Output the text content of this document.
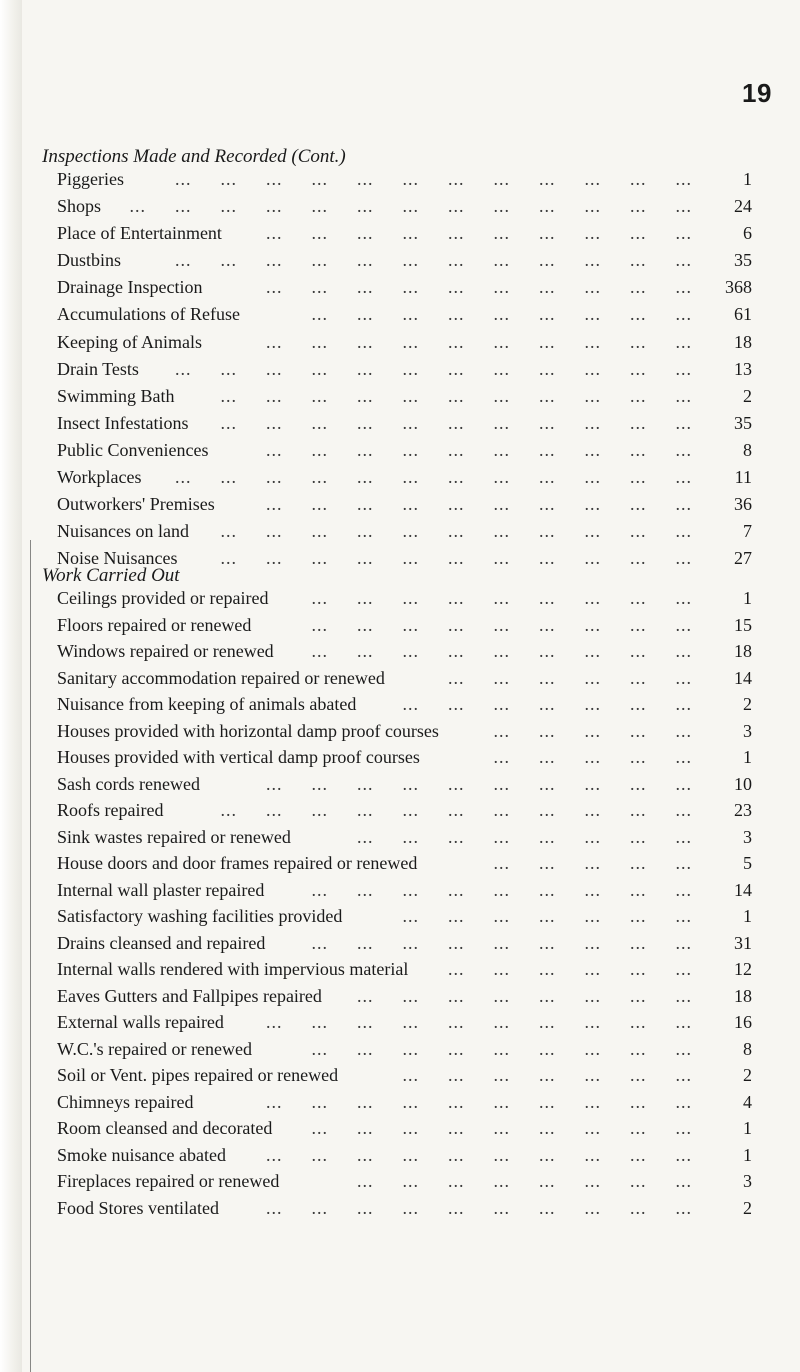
19
Inspections Made and Recorded (Cont.)
...  ...  ...  ...  ...  ...  ...  ...  ...  ...  ...  ...
Piggeries	1
...  ...  ...  ...  ...  ...  ...  ...  ...  ...  ...  ...  ...
Shops	24
...  ...  ...  ...  ...  ...  ...  ...  ...  ...
Place of Entertainment	6
...  ...  ...  ...  ...  ...  ...  ...  ...  ...  ...  ...
Dustbins	35
...  ...  ...  ...  ...  ...  ...  ...  ...  ...
Drainage Inspection	368
...  ...  ...  ...  ...  ...  ...  ...  ...
Accumulations of Refuse	61
...  ...  ...  ...  ...  ...  ...  ...  ...  ...
Keeping of Animals	18
...  ...  ...  ...  ...  ...  ...  ...  ...  ...  ...  ...
Drain Tests	13
...  ...  ...  ...  ...  ...  ...  ...  ...  ...  ...
Swimming Bath	2
...  ...  ...  ...  ...  ...  ...  ...  ...  ...  ...
Insect Infestations	35
...  ...  ...  ...  ...  ...  ...  ...  ...  ...
Public Conveniences	8
...  ...  ...  ...  ...  ...  ...  ...  ...  ...  ...  ...
Workplaces	11
...  ...  ...  ...  ...  ...  ...  ...  ...  ...
Outworkers' Premises	36
...  ...  ...  ...  ...  ...  ...  ...  ...  ...  ...
Nuisances on land	7
...  ...  ...  ...  ...  ...  ...  ...  ...  ...  ...
Noise Nuisances	27
Work Carried Out
...  ...  ...  ...  ...  ...  ...  ...  ...
Ceilings provided or repaired	1
...  ...  ...  ...  ...  ...  ...  ...  ...
Floors repaired or renewed	15
...  ...  ...  ...  ...  ...  ...  ...  ...
Windows repaired or renewed	18
...  ...  ...  ...  ...  ...
Sanitary accommodation repaired or renewed	14
...  ...  ...  ...  ...  ...  ...
Nuisance from keeping of animals abated	2
...  ...  ...  ...  ...
Houses provided with horizontal damp proof courses	3
...  ...  ...  ...  ...
Houses provided with vertical damp proof courses	1
...  ...  ...  ...  ...  ...  ...  ...  ...  ...
Sash cords renewed	10
...  ...  ...  ...  ...  ...  ...  ...  ...  ...  ...
Roofs repaired	23
...  ...  ...  ...  ...  ...  ...  ...
Sink wastes repaired or renewed	3
...  ...  ...  ...  ...
House doors and door frames repaired or renewed	5
...  ...  ...  ...  ...  ...  ...  ...  ...
Internal wall plaster repaired	14
...  ...  ...  ...  ...  ...  ...
Satisfactory washing facilities provided	1
...  ...  ...  ...  ...  ...  ...  ...  ...
Drains cleansed and repaired	31
...  ...  ...  ...  ...  ...
Internal walls rendered with impervious material	12
...  ...  ...  ...  ...  ...  ...  ...
Eaves Gutters and Fallpipes repaired	18
...  ...  ...  ...  ...  ...  ...  ...  ...  ...
External walls repaired	16
...  ...  ...  ...  ...  ...  ...  ...  ...
W.C.'s repaired or renewed	8
...  ...  ...  ...  ...  ...  ...
Soil or Vent. pipes repaired or renewed	2
...  ...  ...  ...  ...  ...  ...  ...  ...  ...
Chimneys repaired	4
...  ...  ...  ...  ...  ...  ...  ...  ...
Room cleansed and decorated	1
...  ...  ...  ...  ...  ...  ...  ...  ...  ...
Smoke nuisance abated	1
...  ...  ...  ...  ...  ...  ...  ...
Fireplaces repaired or renewed	3
...  ...  ...  ...  ...  ...  ...  ...  ...  ...
Food Stores ventilated	2
